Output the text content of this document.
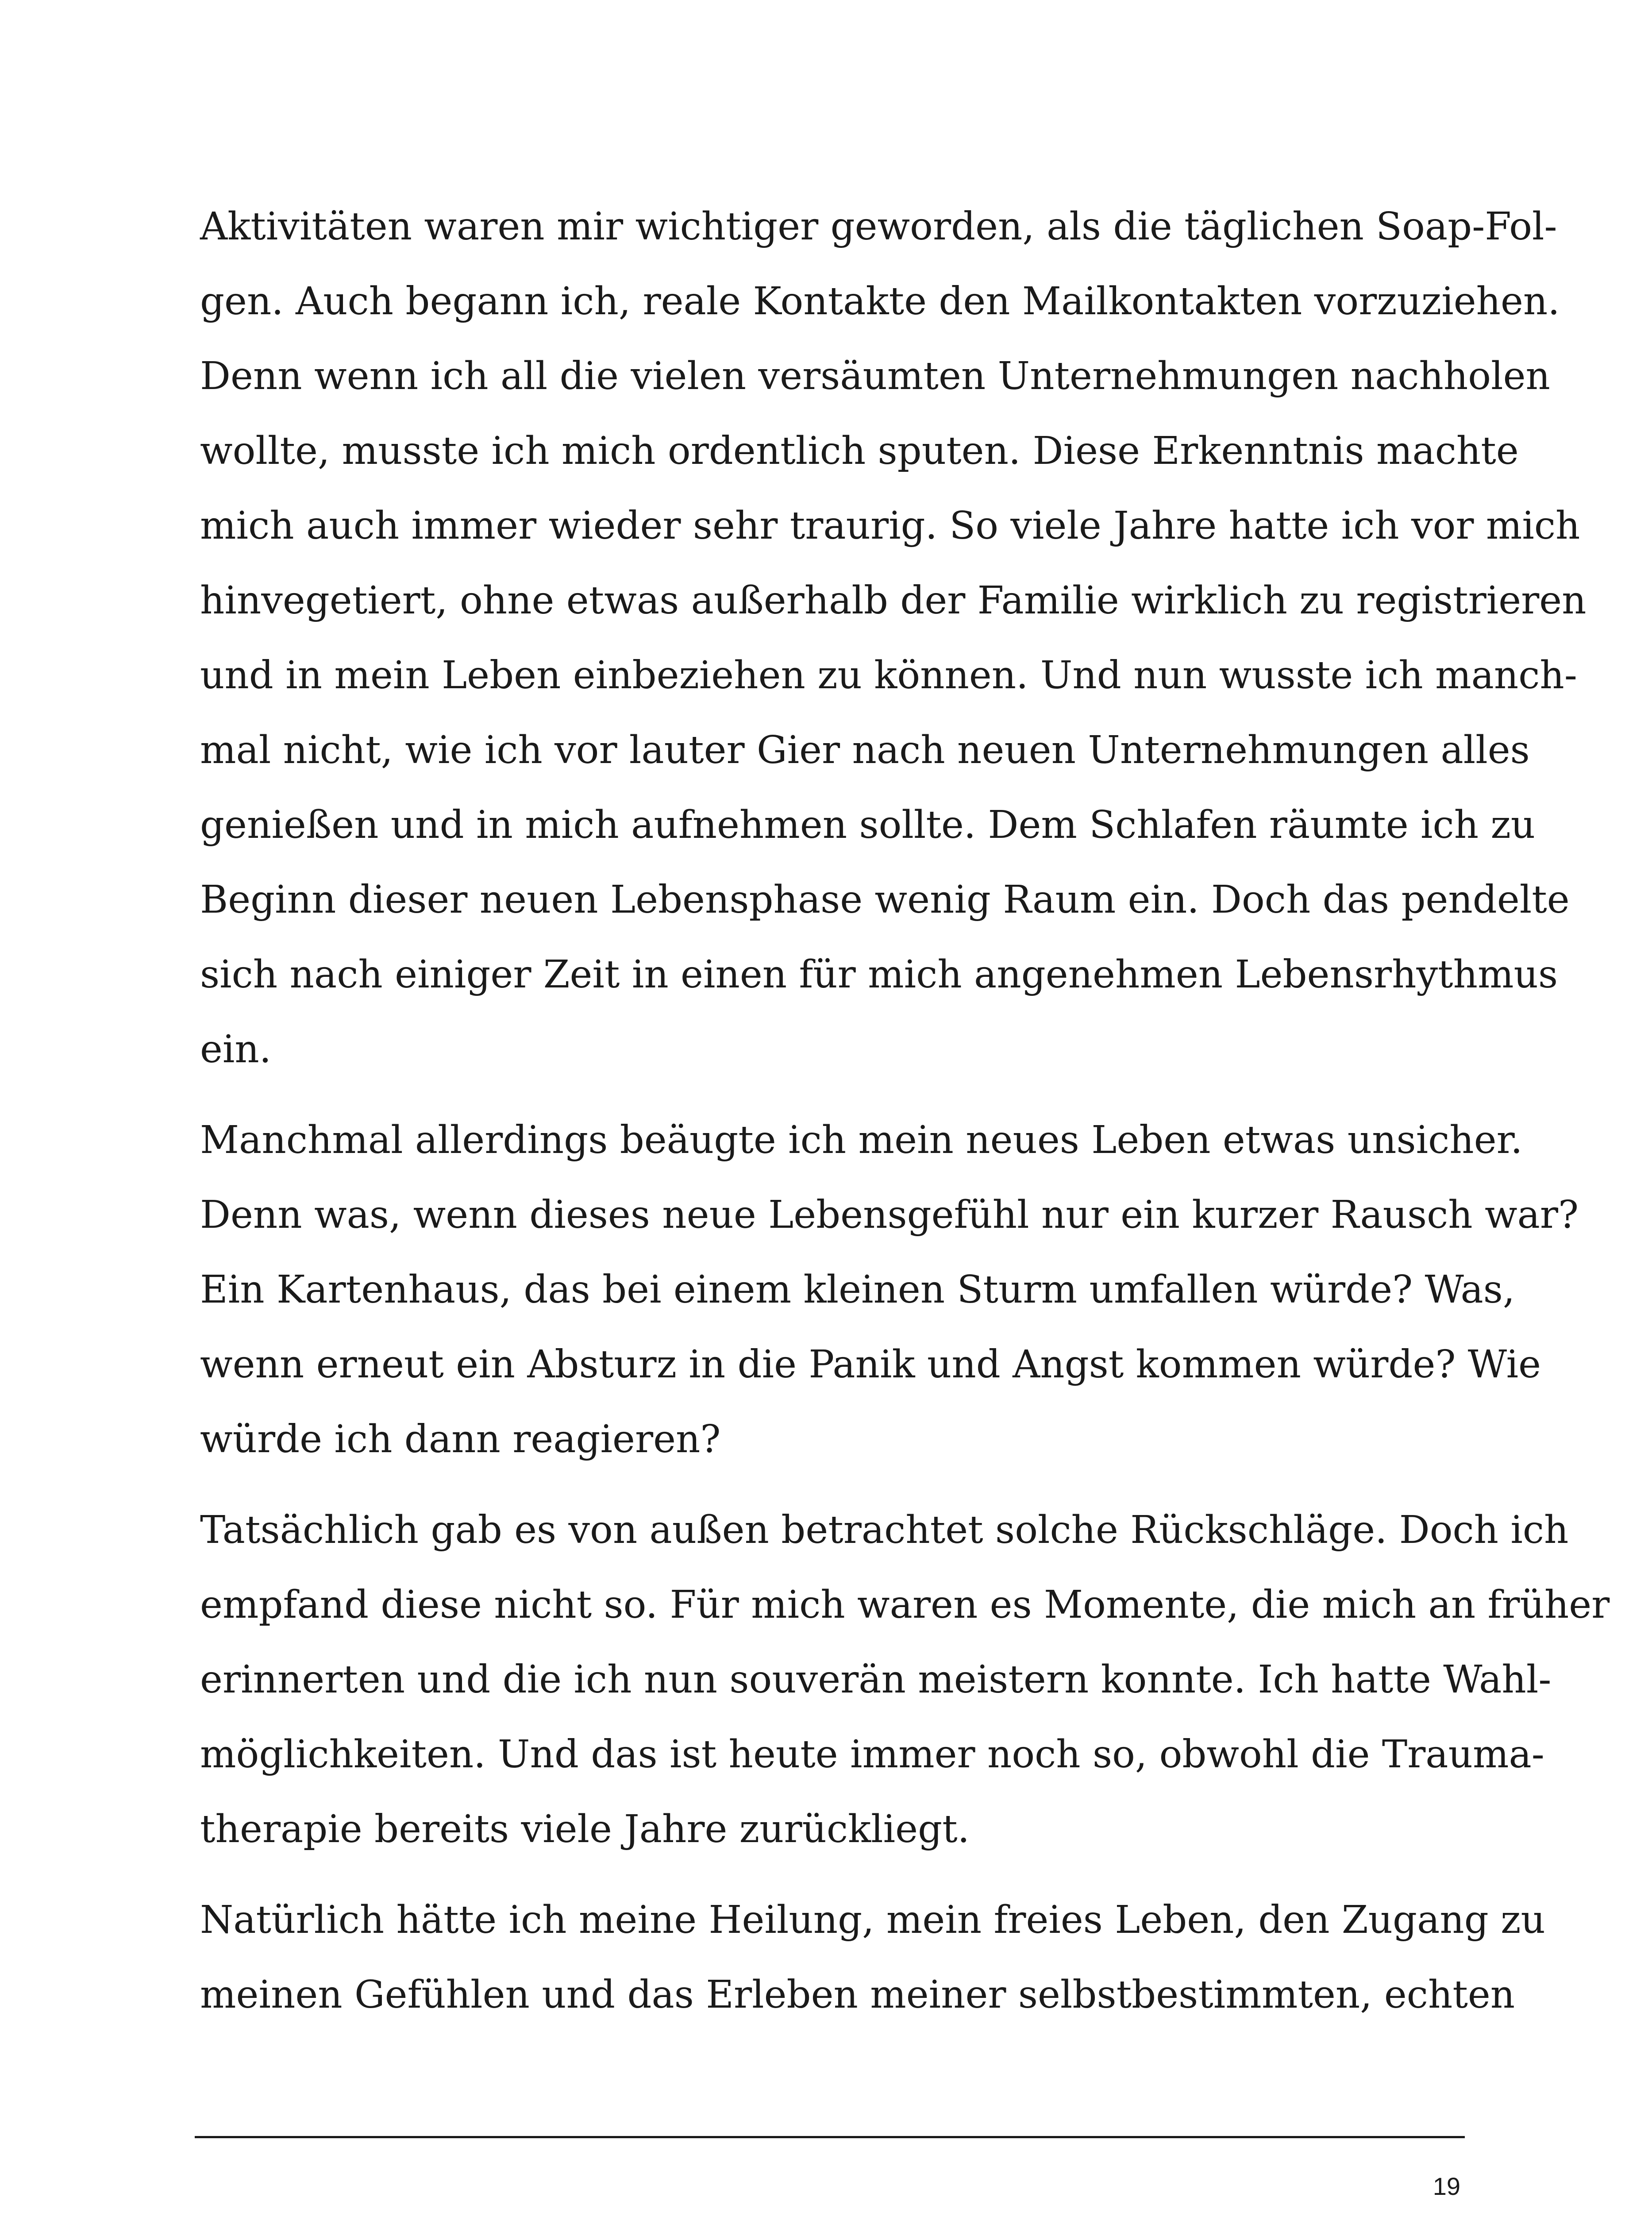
Aktivitäten waren mir wichtiger geworden, als die täglichen Soap-Fol-
gen. Auch begann ich, reale Kontakte den Mailkontakten vorzuziehen.
Denn wenn ich all die vielen versäumten Unternehmungen nachholen
wollte, musste ich mich ordentlich sputen. Diese Erkenntnis machte
mich auch immer wieder sehr traurig. So viele Jahre hatte ich vor mich
hinvegetiert, ohne etwas außerhalb der Familie wirklich zu registrieren
und in mein Leben einbeziehen zu können. Und nun wusste ich manch-
mal nicht, wie ich vor lauter Gier nach neuen Unternehmungen alles
genießen und in mich aufnehmen sollte. Dem Schlafen räumte ich zu
Beginn dieser neuen Lebensphase wenig Raum ein. Doch das pendelte
sich nach einiger Zeit in einen für mich angenehmen Lebensrhythmus
ein.

Manchmal allerdings beäugte ich mein neues Leben etwas unsicher.
Denn was, wenn dieses neue Lebensgefühl nur ein kurzer Rausch war?
Ein Kartenhaus, das bei einem kleinen Sturm umfallen würde? Was,
wenn erneut ein Absturz in die Panik und Angst kommen würde? Wie
würde ich dann reagieren?

Tatsächlich gab es von außen betrachtet solche Rückschläge. Doch ich
empfand diese nicht so. Für mich waren es Momente, die mich an früher
erinnerten und die ich nun souverän meistern konnte. Ich hatte Wahl-
möglichkeiten. Und das ist heute immer noch so, obwohl die Trauma-
therapie bereits viele Jahre zurückliegt.

Natürlich hätte ich meine Heilung, mein freies Leben, den Zugang zu
meinen Gefühlen und das Erleben meiner selbstbestimmten, echten

19
